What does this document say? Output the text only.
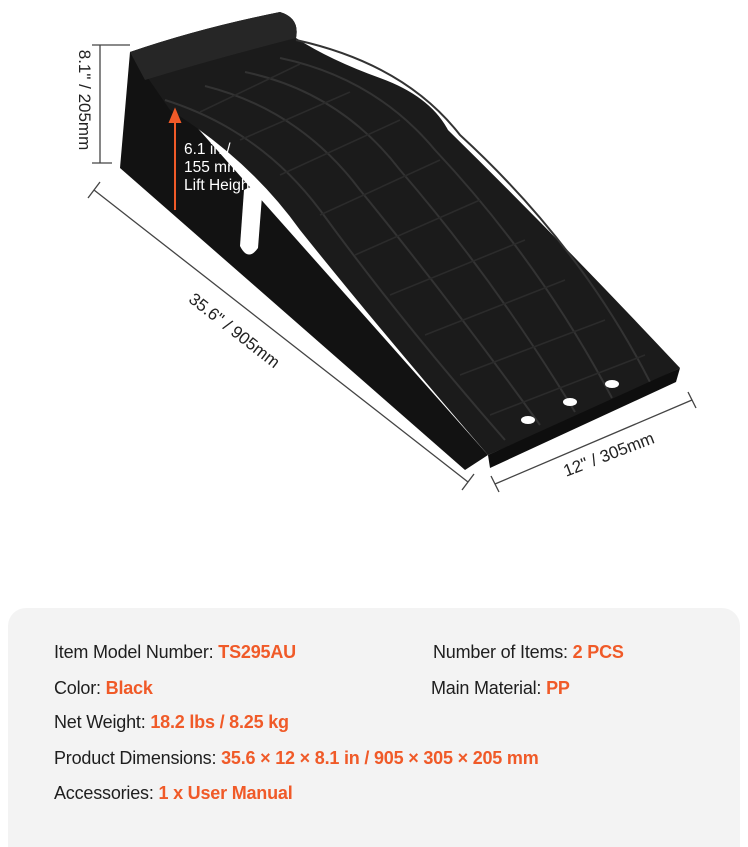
8.1" / 205mm
35.6" / 905mm
12" / 305mm
6.1 in /
155 mm
Lift Height
Item Model Number: TS295AU	Number of Items: 2 PCS
Color: Black	Main Material: PP
Net Weight: 18.2 lbs / 8.25 kg
Product Dimensions: 35.6 × 12 × 8.1 in / 905 × 305 × 205 mm
Accessories: 1 x User Manual
